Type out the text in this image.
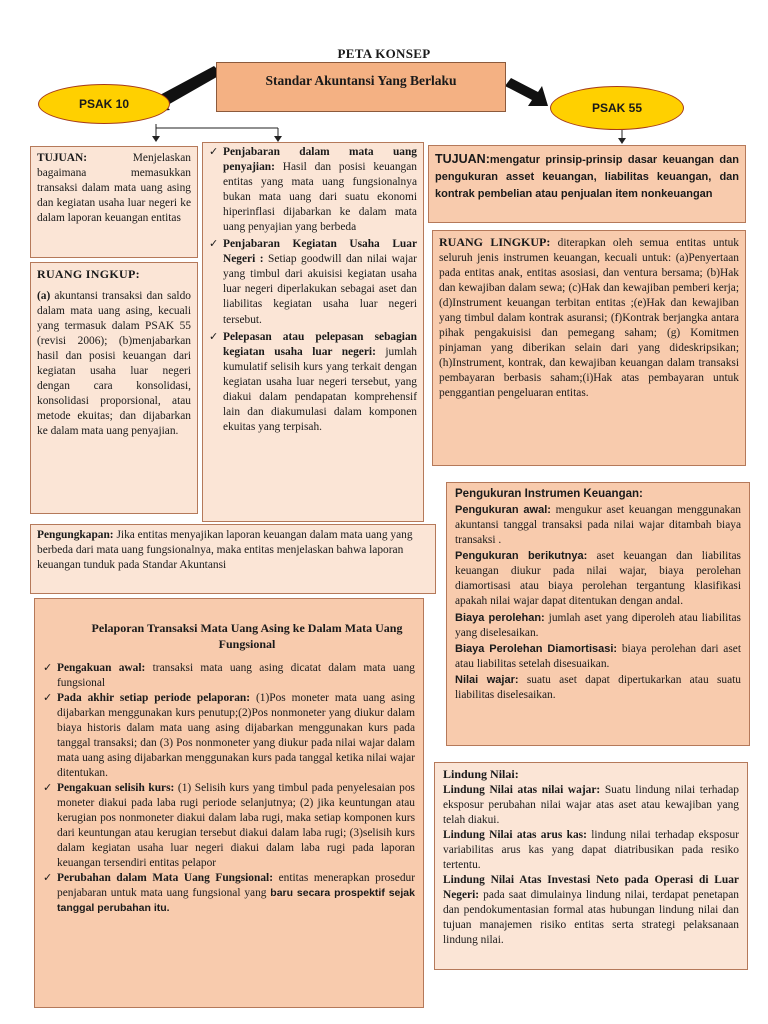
PETA KONSEP
Standar Akuntansi Yang Berlaku
PSAK 10	PSAK 55
TUJUAN:	Menjelaskan bagaimana memasukkan transaksi dalam mata uang asing dan kegiatan usaha luar negeri ke dalam laporan keuangan entitas
RUANG INGKUP:
(a) akuntansi transaksi dan saldo dalam mata uang asing, kecuali yang termasuk dalam PSAK 55 (revisi 2006); (b)menjabarkan hasil dan posisi keuangan dari kegiatan usaha luar negeri dengan cara konsolidasi, konsolidasi proporsional, atau metode ekuitas; dan dijabarkan ke dalam mata uang penyajian.
✓ Penjabaran dalam mata uang penyajian: Hasil dan posisi keuangan entitas yang mata uang fungsionalnya bukan mata uang dari suatu ekonomi hiperinflasi dijabarkan ke dalam mata uang penyajian yang berbeda
✓ Penjabaran Kegiatan Usaha Luar Negeri : Setiap goodwill dan nilai wajar yang timbul dari akuisisi kegiatan usaha luar negeri diperlakukan sebagai aset dan liabilitas kegiatan usaha luar negeri tersebut.
✓ Pelepasan atau pelepasan sebagian kegiatan usaha luar negeri: jumlah kumulatif selisih kurs yang terkait dengan kegiatan usaha luar negeri tersebut, yang diakui dalam pendapatan komprehensif lain dan diakumulasi dalam komponen ekuitas yang terpisah.
Pengungkapan: Jika entitas menyajikan laporan keuangan dalam mata uang yang berbeda dari mata uang fungsionalnya, maka entitas menjelaskan bahwa laporan keuangan tunduk pada Standar Akuntansi
Pelaporan Transaksi Mata Uang Asing ke Dalam Mata Uang Fungsional
✓ Pengakuan awal: transaksi mata uang asing dicatat dalam mata uang fungsional
✓ Pada akhir setiap periode pelaporan: (1)Pos moneter mata uang asing dijabarkan menggunakan kurs penutup;(2)Pos nonmoneter yang diukur dalam biaya historis dalam mata uang asing dijabarkan menggunakan kurs pada tanggal transaksi; dan (3) Pos nonmoneter yang diukur pada nilai wajar dalam mata uang asing dijabarkan menggunakan kurs pada tanggal ketika nilai wajar ditentukan.
✓ Pengakuan selisih kurs: (1) Selisih kurs yang timbul pada penyelesaian pos moneter diakui pada laba rugi periode selanjutnya; (2) jika keuntungan atau kerugian pos nonmoneter diakui dalam laba rugi, maka setiap komponen kurs dari keuntungan atau kerugian tersebut diakui dalam laba rugi; (3)selisih kurs dalam kegiatan usaha luar negeri diakui dalam laba rugi pada laporan keuangan tersendiri entitas pelapor
✓ Perubahan dalam Mata Uang Fungsional: entitas menerapkan prosedur penjabaran untuk mata uang fungsional yang baru secara prospektif sejak tanggal perubahan itu.
TUJUAN:mengatur prinsip-prinsip dasar keuangan dan pengukuran asset keuangan, liabilitas keuangan, dan kontrak pembelian atau penjualan item nonkeuangan
RUANG LINGKUP: diterapkan oleh semua entitas untuk seluruh jenis instrumen keuangan, kecuali untuk: (a)Penyertaan pada entitas anak, entitas asosiasi, dan ventura bersama; (b)Hak dan kewajiban dalam sewa; (c)Hak dan kewajiban pemberi kerja; (d)Instrument keuangan terbitan entitas ;(e)Hak dan kewajiban yang timbul dalam kontrak asuransi; (f)Kontrak berjangka antara pihak pengakuisisi dan pemegang saham; (g) Komitmen pinjaman yang diberikan selain dari yang dideskripsikan; (h)Instrument, kontrak, dan kewajiban keuangan dalam transaksi pembayaran berbasis saham;(i)Hak atas pembayaran untuk penggantian pengeluaran entitas.
Pengukuran Instrumen Keuangan:
Pengukuran awal: mengukur aset keuangan menggunakan akuntansi tanggal transaksi pada nilai wajar ditambah biaya transaksi .
Pengukuran berikutnya: aset keuangan dan liabilitas keuangan diukur pada nilai wajar, biaya perolehan diamortisasi atau biaya perolehan tergantung klasifikasi apakah nilai wajar dapat ditentukan dengan andal.
Biaya perolehan: jumlah aset yang diperoleh atau liabilitas yang diselesaikan.
Biaya Perolehan Diamortisasi: biaya perolehan dari aset atau liabilitas setelah disesuaikan.
Nilai wajar: suatu aset dapat dipertukarkan atau suatu liabilitas diselesaikan.
Lindung Nilai:
Lindung Nilai atas nilai wajar: Suatu lindung nilai terhadap eksposur perubahan nilai wajar atas aset atau kewajiban yang telah diakui.
Lindung Nilai atas arus kas: lindung nilai terhadap eksposur variabilitas arus kas yang dapat diatribusikan pada resiko tertentu.
Lindung Nilai Atas Investasi Neto pada Operasi di Luar Negeri: pada saat dimulainya lindung nilai, terdapat penetapan dan pendokumentasian formal atas hubungan lindung nilai dan tujuan manajemen risiko entitas serta strategi pelaksanaan lindung nilai.
